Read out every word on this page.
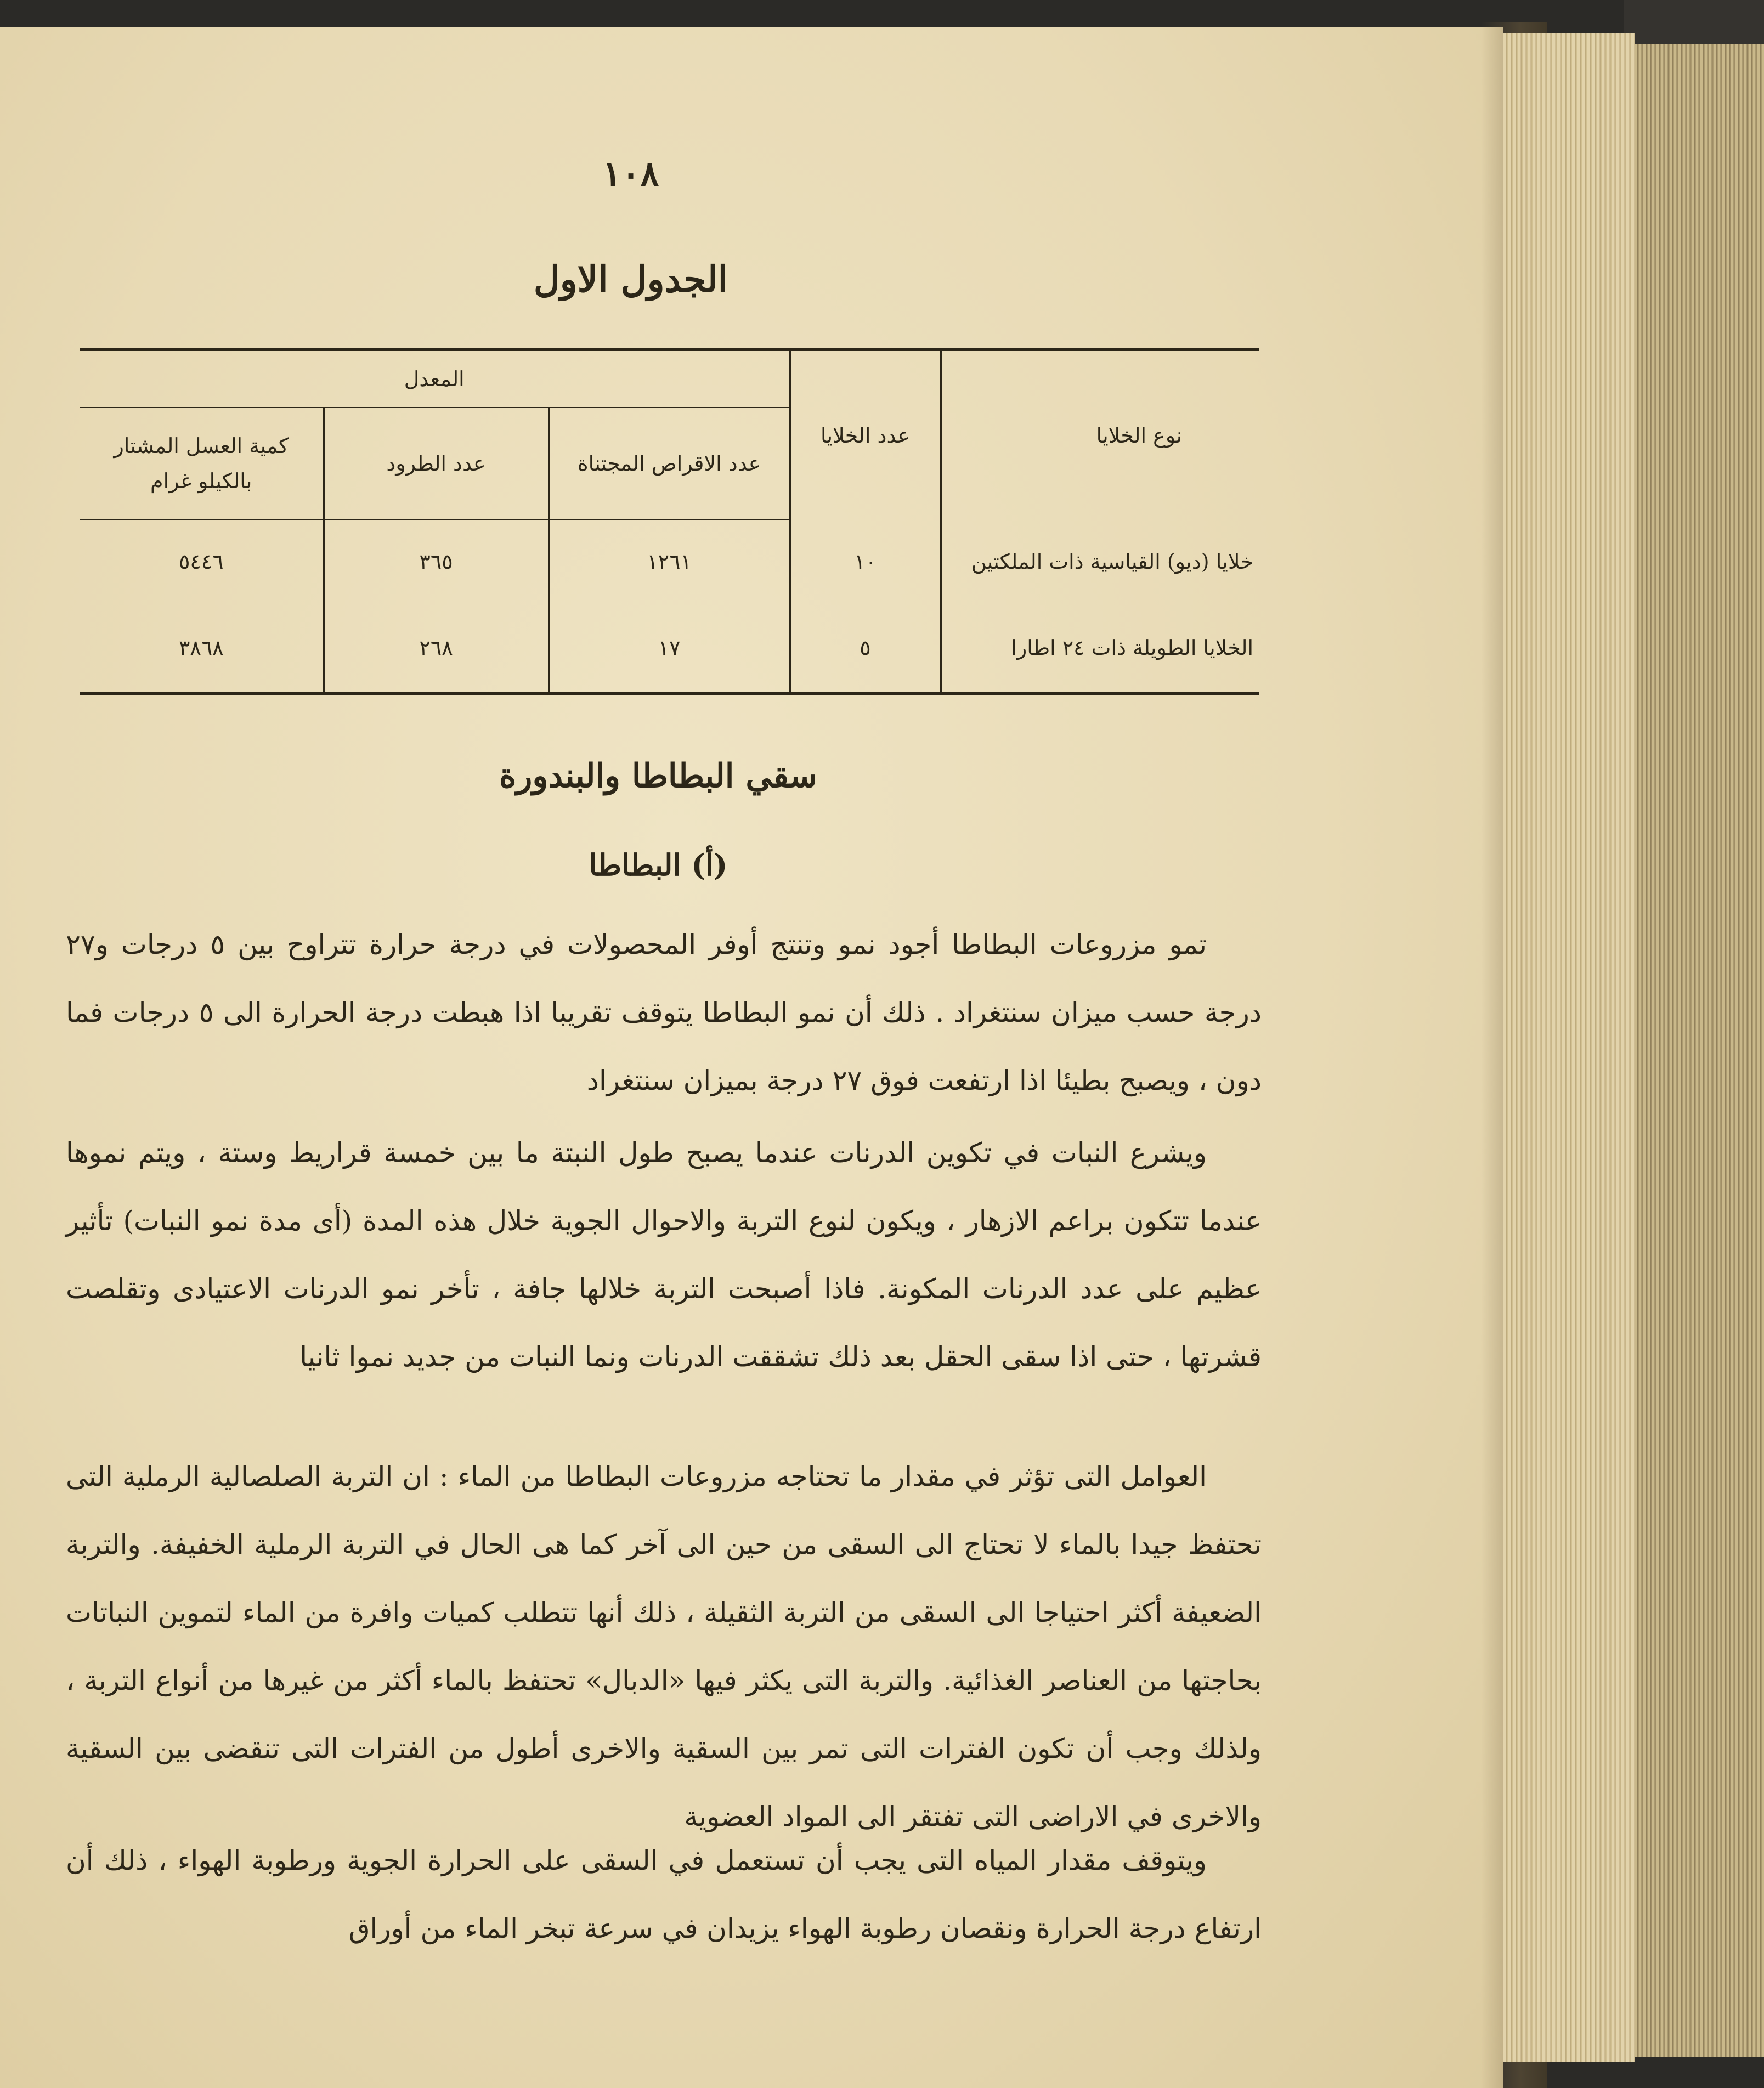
١٠٨
الجدول الاول
نوع الخلايا	عدد الخلايا	المعدل		
		عدد الاقراص المجتناة	عدد الطرود	كمية العسل المشتار بالكيلو غرام
خلايا (ديو) القياسية ذات الملكتين	١٠	١٢٦١	٣٦٥	٥٤٤٦
الخلايا الطويلة ذات ٢٤ اطارا	٥	١٧	٢٦٨	٣٨٦٨
سقي البطاطا والبندورة
(أ) البطاطا

تمو مزروعات البطاطا أجود نمو وتنتج أوفر المحصولات في درجة حرارة تتراوح بين ٥ درجات و٢٧ درجة حسب ميزان سنتغراد . ذلك أن نمو البطاطا يتوقف تقريبا اذا هبطت درجة الحرارة الى ٥ درجات فما دون ، ويصبح بطيئا اذا ارتفعت فوق ٢٧ درجة بميزان سنتغراد

ويشرع النبات في تكوين الدرنات عندما يصبح طول النبتة ما بين خمسة قراريط وستة ، ويتم نموها عندما تتكون براعم الازهار ، ويكون لنوع التربة والاحوال الجوية خلال هذه المدة (أى مدة نمو النبات) تأثير عظيم على عدد الدرنات المكونة. فاذا أصبحت التربة خلالها جافة ، تأخر نمو الدرنات الاعتيادى وتقلصت قشرتها ، حتى اذا سقى الحقل بعد ذلك تشققت الدرنات ونما النبات من جديد نموا ثانيا

العوامل التى تؤثر في مقدار ما تحتاجه مزروعات البطاطا من الماء : ان التربة الصلصالية الرملية التى تحتفظ جيدا بالماء لا تحتاج الى السقى من حين الى آخر كما هى الحال في التربة الرملية الخفيفة. والتربة الضعيفة أكثر احتياجا الى السقى من التربة الثقيلة ، ذلك أنها تتطلب كميات وافرة من الماء لتموين النباتات بحاجتها من العناصر الغذائية. والتربة التى يكثر فيها «الدبال» تحتفظ بالماء أكثر من غيرها من أنواع التربة ، ولذلك وجب أن تكون الفترات التى تمر بين السقية والاخرى أطول من الفترات التى تنقضى بين السقية والاخرى في الاراضى التى تفتقر الى المواد العضوية

ويتوقف مقدار المياه التى يجب أن تستعمل في السقى على الحرارة الجوية ورطوبة الهواء ، ذلك أن ارتفاع درجة الحرارة ونقصان رطوبة الهواء يزيدان في سرعة تبخر الماء من أوراق
